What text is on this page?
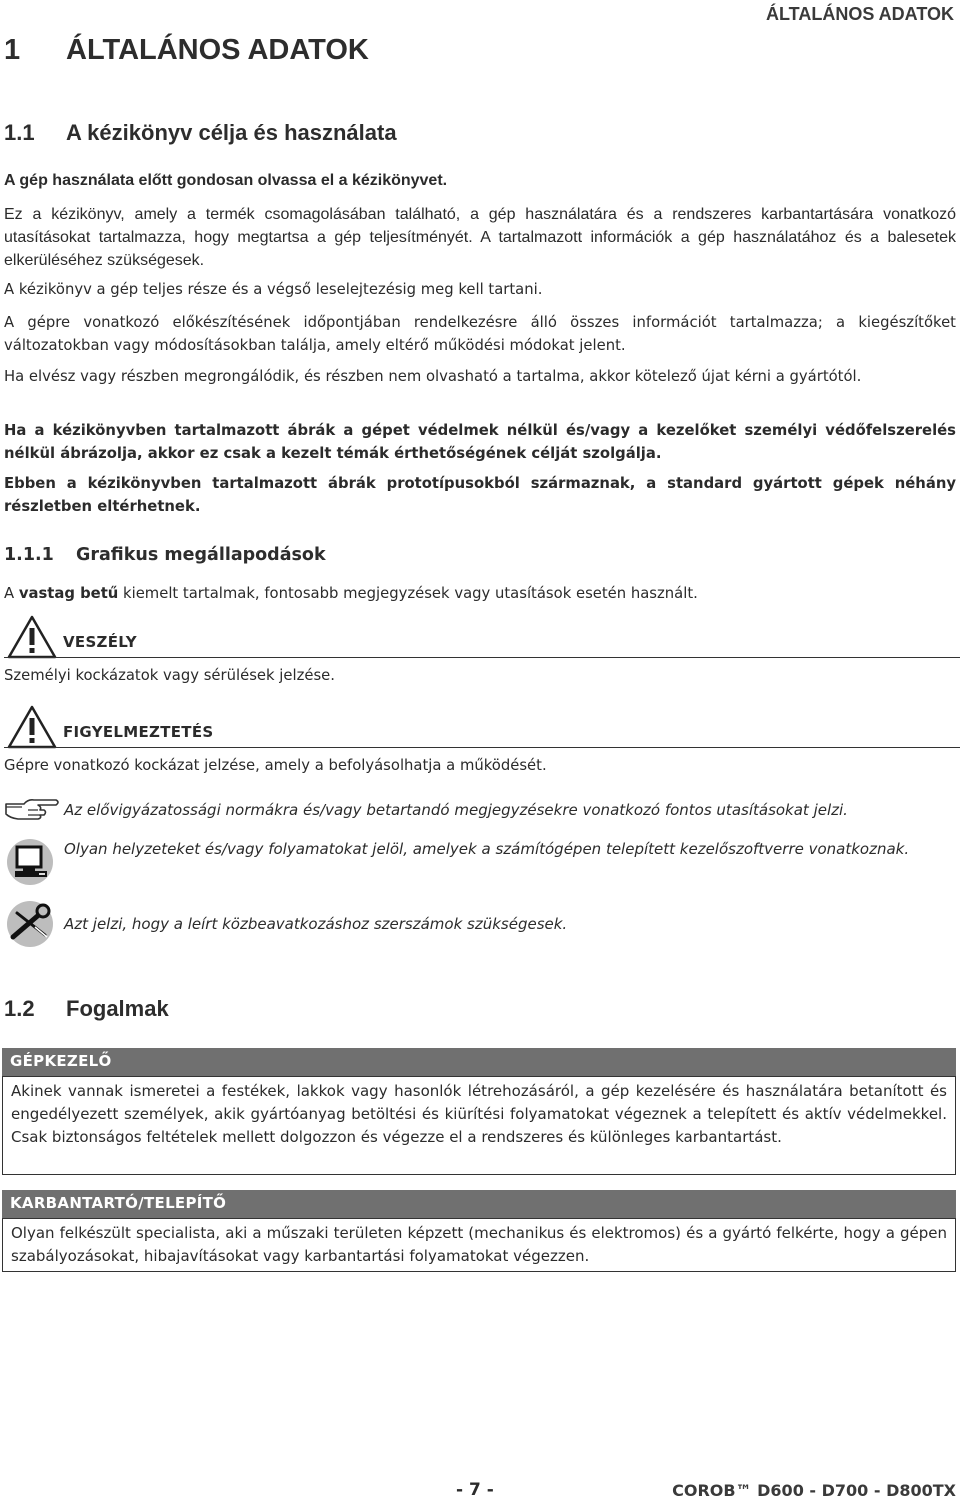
ÁLTALÁNOS ADATOK
1 ÁLTALÁNOS ADATOK
1.1 A kézikönyv célja és használata
A gép használata előtt gondosan olvassa el a kézikönyvet.
Ez a kézikönyv, amely a termék csomagolásában található, a gép használatára és a rendszeres karbantartására vonatkozó utasításokat tartalmazza, hogy megtartsa a gép teljesítményét. A tartalmazott információk a gép használatához és a balesetek elkerüléséhez szükségesek.
A kézikönyv a gép teljes része és a végső leselejtezésig meg kell tartani.
A gépre vonatkozó előkészítésének időpontjában rendelkezésre álló összes információt tartalmazza; a kiegészítőket változatokban vagy módosításokban találja, amely eltérő működési módokat jelent.
Ha elvész vagy részben megrongálódik, és részben nem olvasható a tartalma, akkor kötelező újat kérni a gyártótól.
Ha a kézikönyvben tartalmazott ábrák a gépet védelmek nélkül és/vagy a kezelőket személyi védőfelszerelés nélkül ábrázolja, akkor ez csak a kezelt témák érthetőségének célját szolgálja.
Ebben a kézikönyvben tartalmazott ábrák prototípusokból származnak, a standard gyártott gépek néhány részletben eltérhetnek.
1.1.1 Grafikus megállapodások
A vastag betű kiemelt tartalmak, fontosabb megjegyzések vagy utasítások esetén használt.
VESZÉLY
Személyi kockázatok vagy sérülések jelzése.
FIGYELMEZTETÉS
Gépre vonatkozó kockázat jelzése, amely a befolyásolhatja a működését.
Az elővigyázatossági normákra és/vagy betartandó megjegyzésekre vonatkozó fontos utasításokat jelzi.
Olyan helyzeteket és/vagy folyamatokat jelöl, amelyek a számítógépen telepített kezelőszoftverre vonatkoznak.
Azt jelzi, hogy a leírt közbeavatkozáshoz szerszámok szükségesek.
1.2 Fogalmak
GÉPKEZELŐ
Akinek vannak ismeretei a festékek, lakkok vagy hasonlók létrehozásáról, a gép kezelésére és használatára betanított és engedélyezett személyek, akik gyártóanyag betöltési és kiürítési folyamatokat végeznek a telepített és aktív védelmekkel. Csak biztonságos feltételek mellett dolgozzon és végezze el a rendszeres és különleges karbantartást.
KARBANTARTÓ/TELEPÍTŐ
Olyan felkészült specialista, aki a műszaki területen képzett (mechanikus és elektromos) és a gyártó felkérte, hogy a gépen szabályozásokat, hibajavításokat vagy karbantartási folyamatokat végezzen.
- 7 -	COROB™ D600 - D700 - D800TX
